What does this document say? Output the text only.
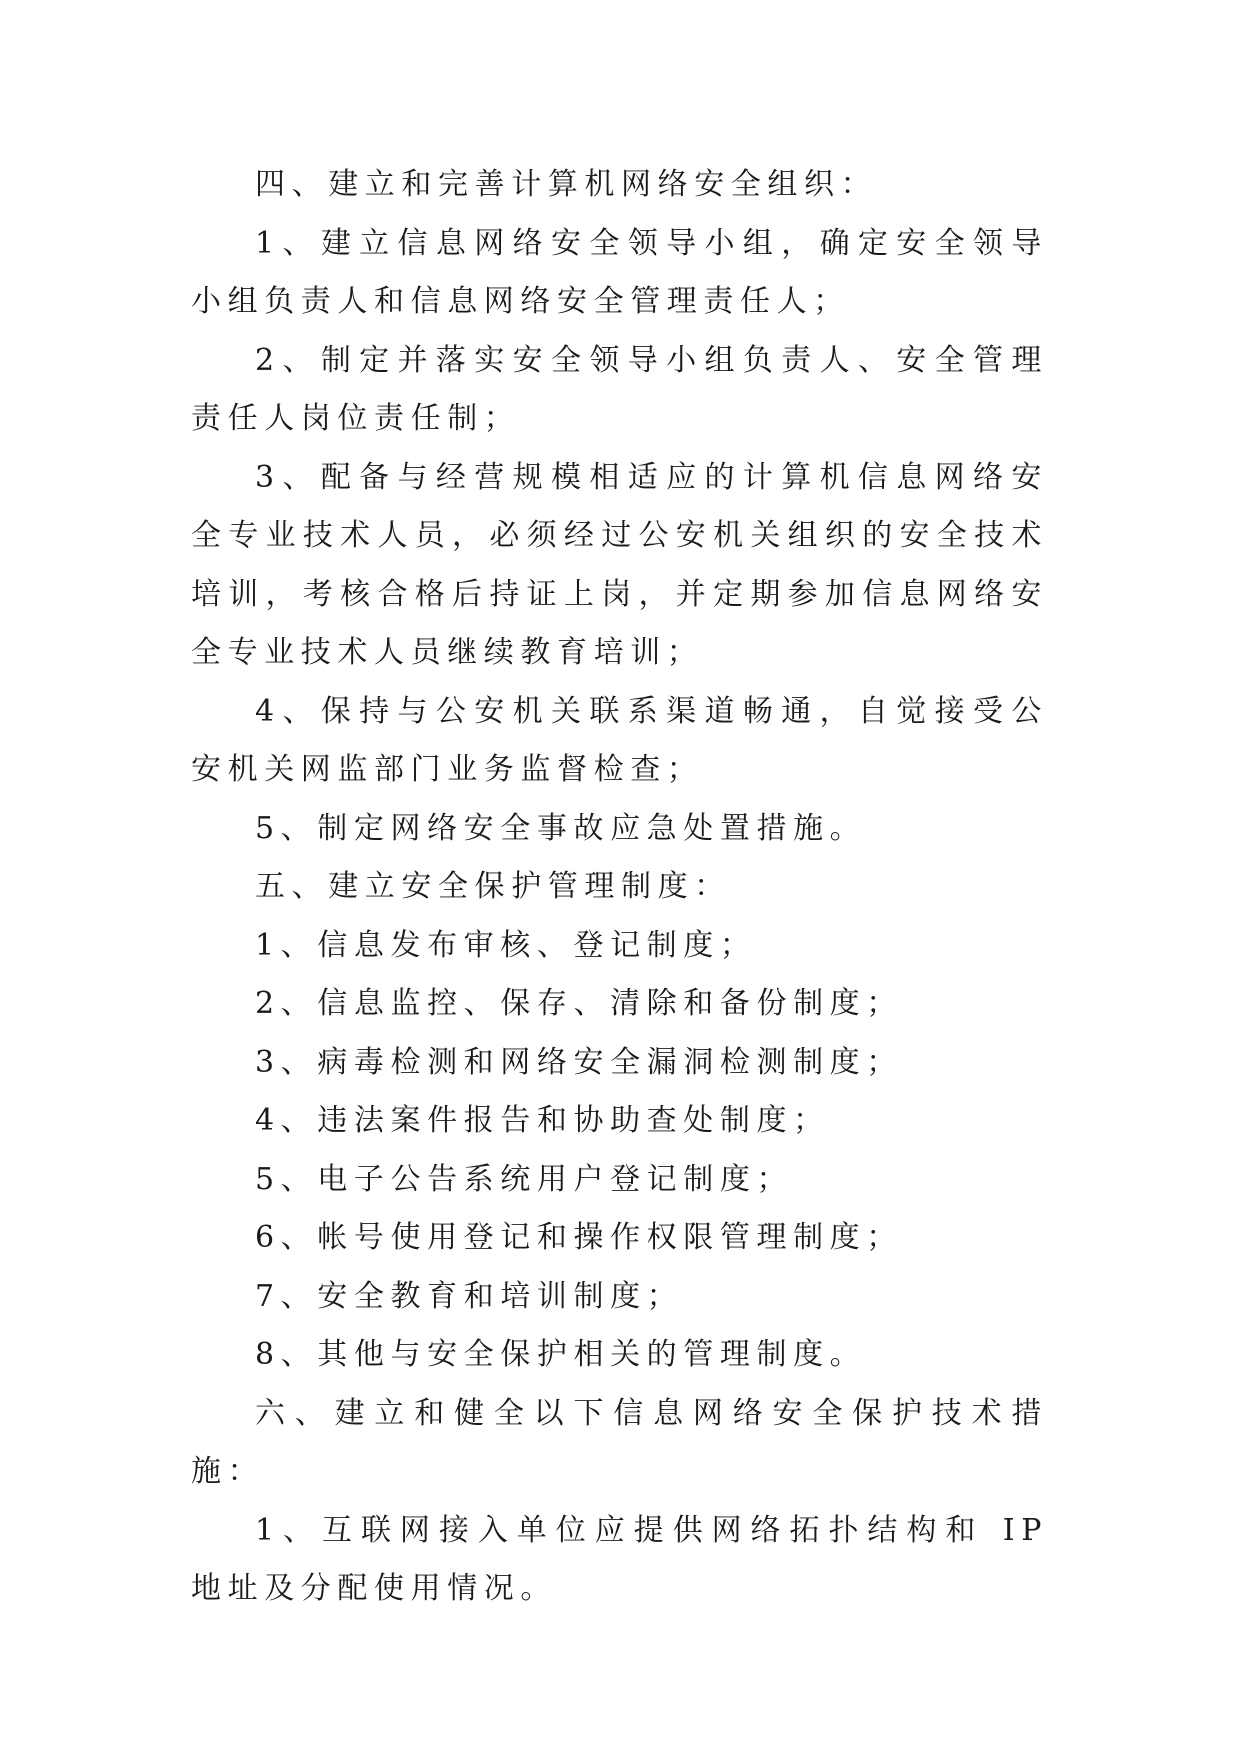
四、建立和完善计算机网络安全组织：

1、建立信息网络安全领导小组，确定安全领导小组负责人和信息网络安全管理责任人；

2、制定并落实安全领导小组负责人、安全管理责任人岗位责任制；

3、配备与经营规模相适应的计算机信息网络安全专业技术人员，必须经过公安机关组织的安全技术培训，考核合格后持证上岗，并定期参加信息网络安全专业技术人员继续教育培训；

4、保持与公安机关联系渠道畅通，自觉接受公安机关网监部门业务监督检查；

5、制定网络安全事故应急处置措施。

五、建立安全保护管理制度：

1、信息发布审核、登记制度；

2、信息监控、保存、清除和备份制度；

3、病毒检测和网络安全漏洞检测制度；

4、违法案件报告和协助查处制度；

5、电子公告系统用户登记制度；

6、帐号使用登记和操作权限管理制度；

7、安全教育和培训制度；

8、其他与安全保护相关的管理制度。

六、建立和健全以下信息网络安全保护技术措施：

1、互联网接入单位应提供网络拓扑结构和 IP 地址及分配使用情况。
